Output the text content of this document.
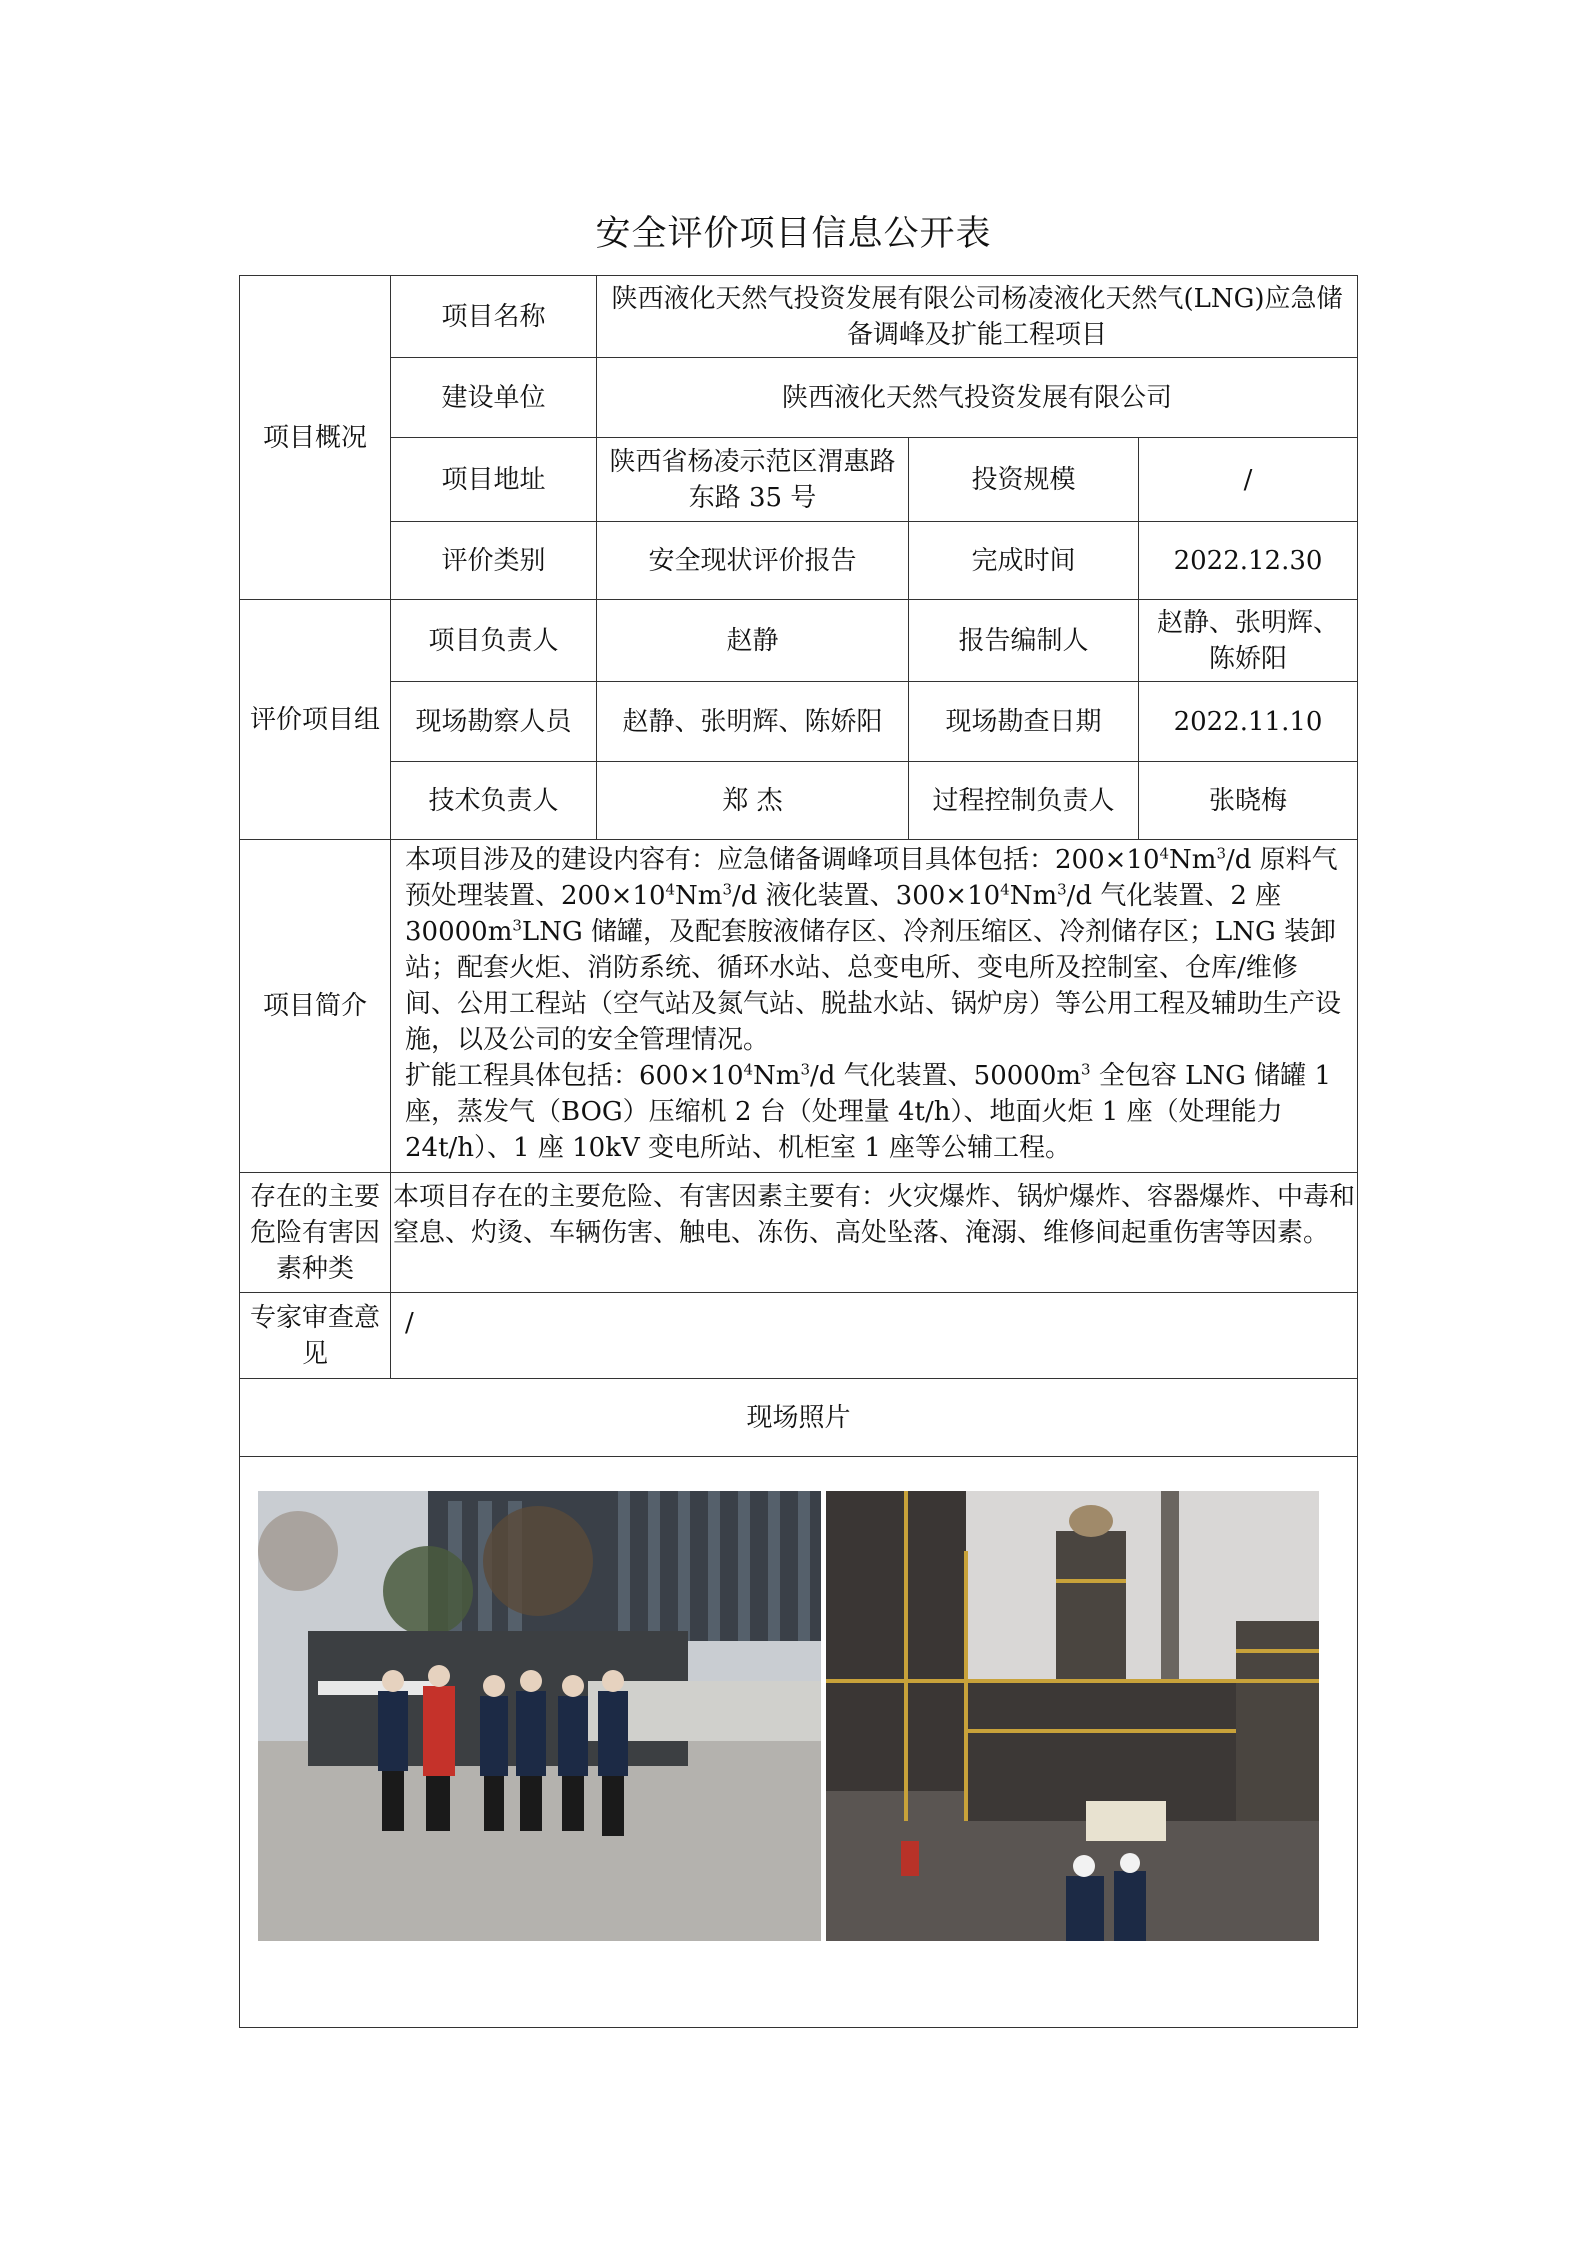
安全评价项目信息公开表
项目概况	项目名称	陕西液化天然气投资发展有限公司杨凌液化天然气(LNG)应急储备调峰及扩能工程项目		
	建设单位	陕西液化天然气投资发展有限公司		
	项目地址	陕西省杨凌示范区渭惠路东路 35 号	投资规模	/
	评价类别	安全现状评价报告	完成时间	2022.12.30
评价项目组	项目负责人	赵静	报告编制人	赵静、张明辉、陈娇阳
	现场勘察人员	赵静、张明辉、陈娇阳	现场勘查日期	2022.11.10
	技术负责人	郑 杰	过程控制负责人	张晓梅
项目简介	本项目涉及的建设内容有：应急储备调峰项目具体包括：$200\times 10^4Nm^3/d$ 原料气预处理装置、$200\times 10^4Nm^3/d$ 液化装置、$300\times 10^4Nm^3/d$ 气化装置、2 座 $30000m^3LNG$ 储罐，及配套胺液储存区、冷剂压缩区、冷剂储存区；LNG 装卸站；配套火炬、消防系统、循环水站、总变电所、变电所及控制室、仓库/维修间、公用工程站（空气站及氮气站、脱盐水站、锅炉房）等公用工程及辅助生产设施，以及公司的安全管理情况。
扩能工程具体包括：$600\times 10^4Nm^3/d$ 气化装置、$50000m^3$ 全包容 LNG 储罐 1 座，蒸发气（BOG）压缩机 2 台（处理量 4t/h）、地面火炬 1 座（处理能力 24t/h）、1 座 10kV 变电所站、机柜室 1 座等公辅工程。			

存在的主要危险有害因素种类	本项目存在的主要危险、有害因素主要有：火灾爆炸、锅炉爆炸、容器爆炸、中毒和窒息、灼烫、车辆伤害、触电、冻伤、高处坠落、淹溺、维修间起重伤害等因素。			
专家审查意见	/			
现场照片				
